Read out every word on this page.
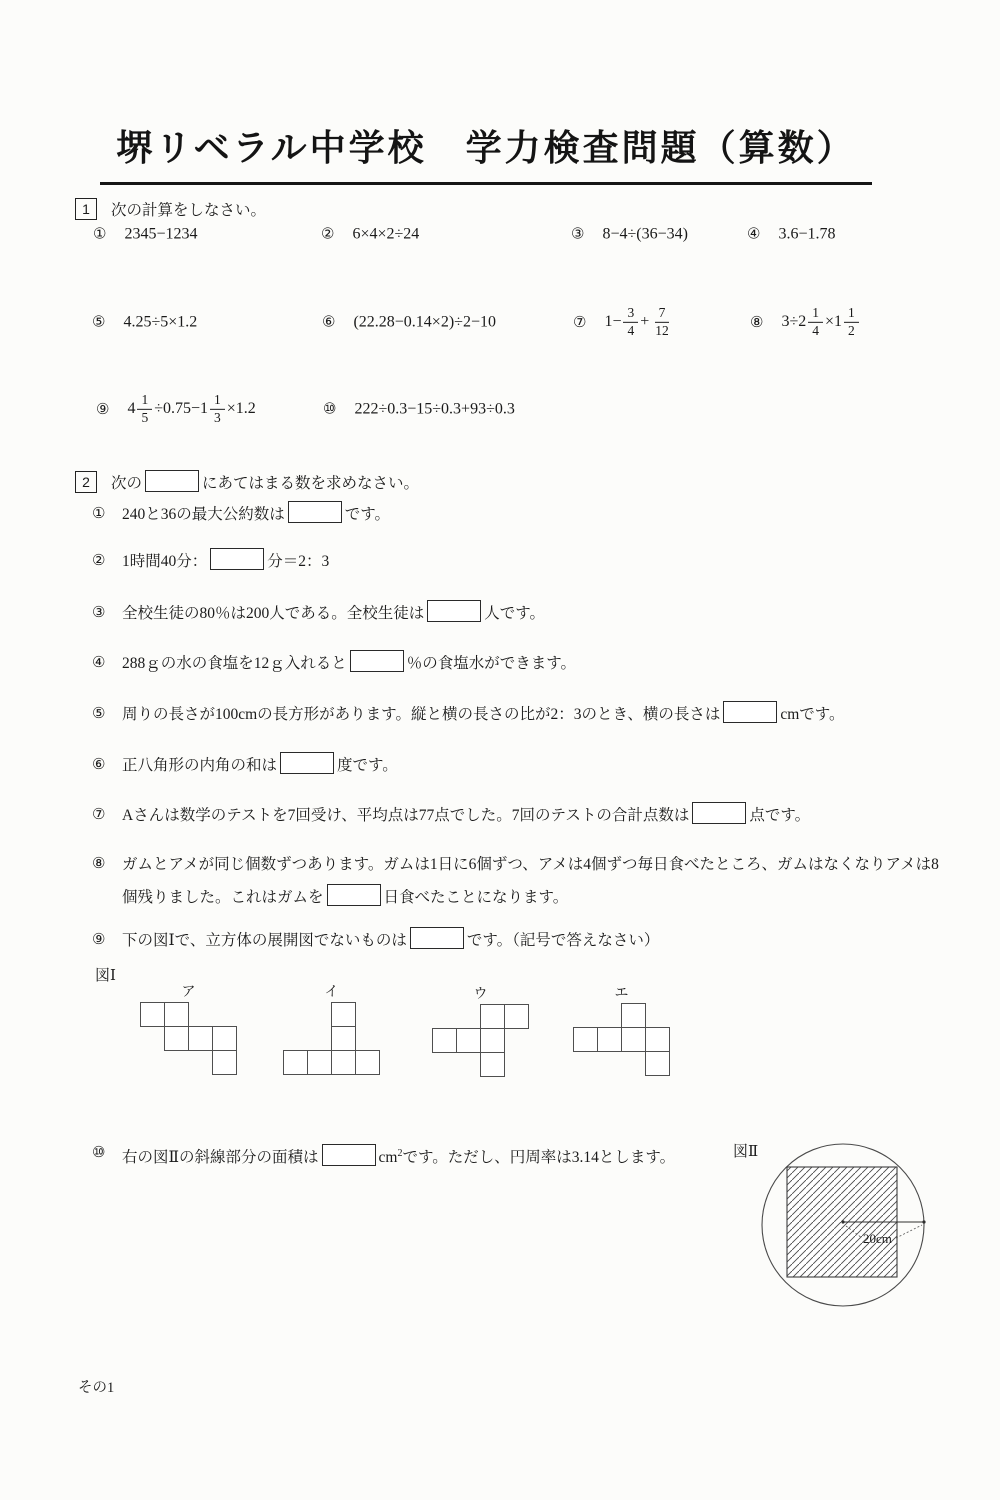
堺リベラル中学校　学力検査問題（算数）
1	次の計算をしなさい。
① 2345−1234	② 6×4×2÷24	③ 8−4÷(36−34)	④ 3.6−1.78
⑤ 4.25÷5×1.2	⑥ (22.28−0.14×2)÷2−10	⑦ $1- \frac{3}{4} + \frac{7}{12}$	⑧ $3\div 2 \frac{1}{4} \times 1 \frac{1}{2}$
⑨ $4 \frac{1}{5} \div 0.75-1 \frac{1}{3} \times 1.2$	⑩ 222÷0.3−15÷0.3+93÷0.3
2	次の	にあてはまる数を求めなさい。
①	240と36の最大公約数は	です。
②	1時間40分：	分＝2：3
③	全校生徒の80％は200人である。全校生徒は	人です。
④	288ｇの水の食塩を12ｇ入れると	％の食塩水ができます。
⑤	周りの長さが100cmの長方形があります。縦と横の長さの比が2：3のとき、横の長さは	cmです。
⑥	正八角形の内角の和は	度です。
⑦	Aさんは数学のテストを7回受け、平均点は77点でした。7回のテストの合計点数は	点です。
⑧	ガムとアメが同じ個数ずつあります。ガムは1日に6個ずつ、アメは4個ずつ毎日食べたところ、ガムはなくなりアメは8個残りました。これはガムを	日食べたことになります。
⑨	下の図Ⅰで、立方体の展開図でないものは	です。（記号で答えなさい）
⑩	右の図Ⅱの斜線部分の面積は	$cm^2$です。ただし、円周率は3.14とします。
図Ⅰ
ア	イ	ウ	エ
図Ⅱ
20cm
その1
